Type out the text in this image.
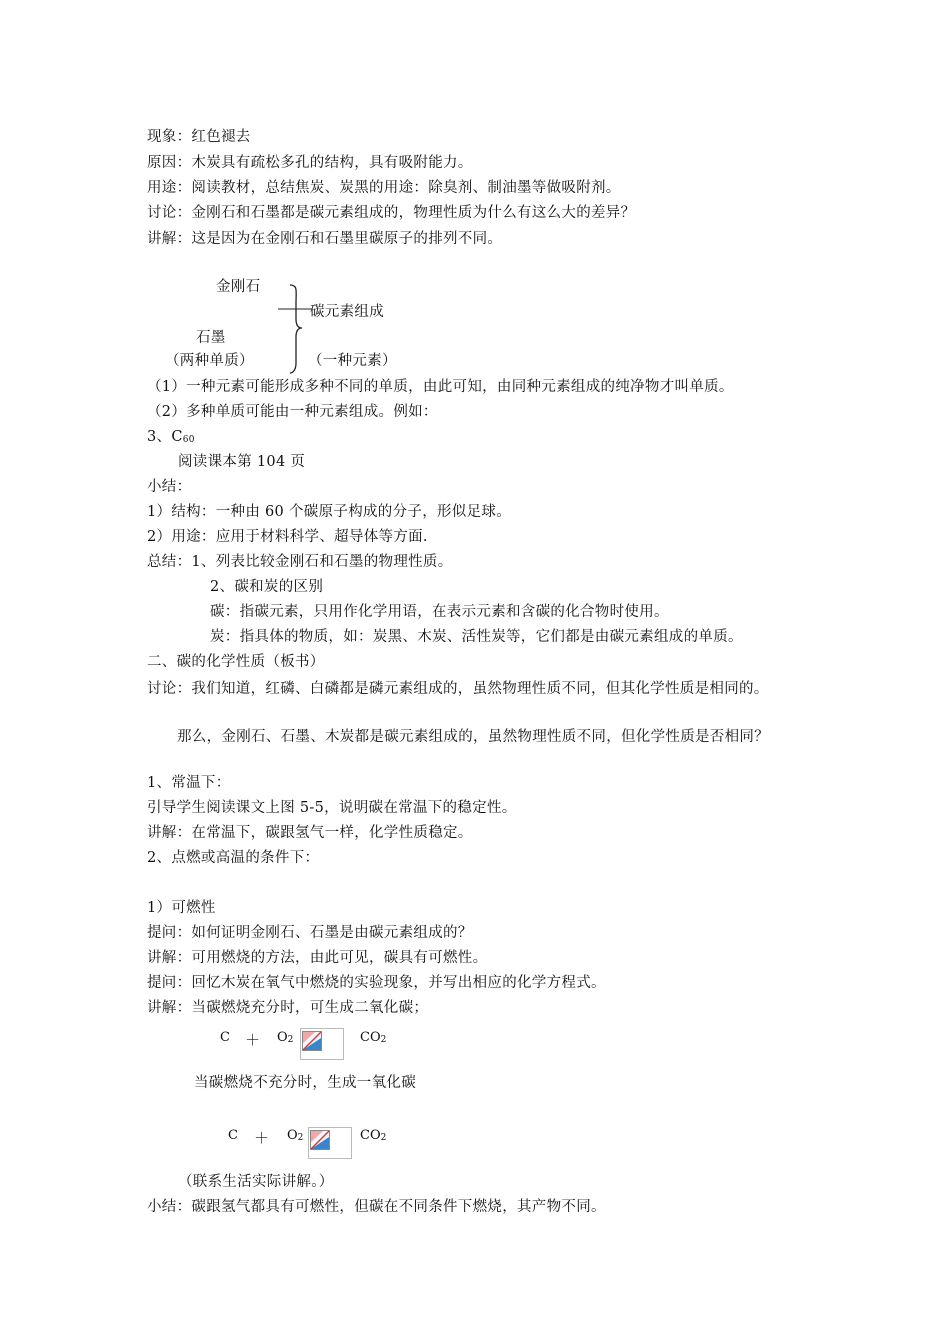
现象：红色褪去
原因：木炭具有疏松多孔的结构，具有吸附能力。
用途：阅读教材，总结焦炭、炭黑的用途：除臭剂、制油墨等做吸附剂。
讨论：金刚石和石墨都是碳元素组成的，物理性质为什么有这么大的差异？
讲解：这是因为在金刚石和石墨里碳原子的排列不同。
金刚石
石墨
（两种单质）
碳元素组成
（一种元素）
（1）一种元素可能形成多种不同的单质，由此可知，由同种元素组成的纯净物才叫单质。
（2）多种单质可能由一种元素组成。例如：
3、$C_{60}$
阅读课本第 104 页
小结：
1）结构：一种由 60 个碳原子构成的分子，形似足球。
2）用途：应用于材料科学、超导体等方面.
总结：1、列表比较金刚石和石墨的物理性质。
2、碳和炭的区别
碳：指碳元素，只用作化学用语，在表示元素和含碳的化合物时使用。
炭：指具体的物质，如：炭黑、木炭、活性炭等，它们都是由碳元素组成的单质。
二、碳的化学性质（板书）
讨论：我们知道，红磷、白磷都是磷元素组成的，虽然物理性质不同，但其化学性质是相同的。
那么，金刚石、石墨、木炭都是碳元素组成的，虽然物理性质不同，但化学性质是否相同？
1、常温下：
引导学生阅读课文上图 5-5，说明碳在常温下的稳定性。
讲解：在常温下，碳跟氢气一样，化学性质稳定。
2、点燃或高温的条件下：
1）可燃性
提问：如何证明金刚石、石墨是由碳元素组成的？
讲解：可用燃烧的方法，由此可见，碳具有可燃性。
提问：回忆木炭在氧气中燃烧的实验现象，并写出相应的化学方程式。
讲解：当碳燃烧充分时，可生成二氧化碳；
$C + O_2$	$CO_2$
当碳燃烧不充分时，生成一氧化碳
$C + O_2$	$CO_2$
（联系生活实际讲解。）
小结：碳跟氢气都具有可燃性，但碳在不同条件下燃烧，其产物不同。
